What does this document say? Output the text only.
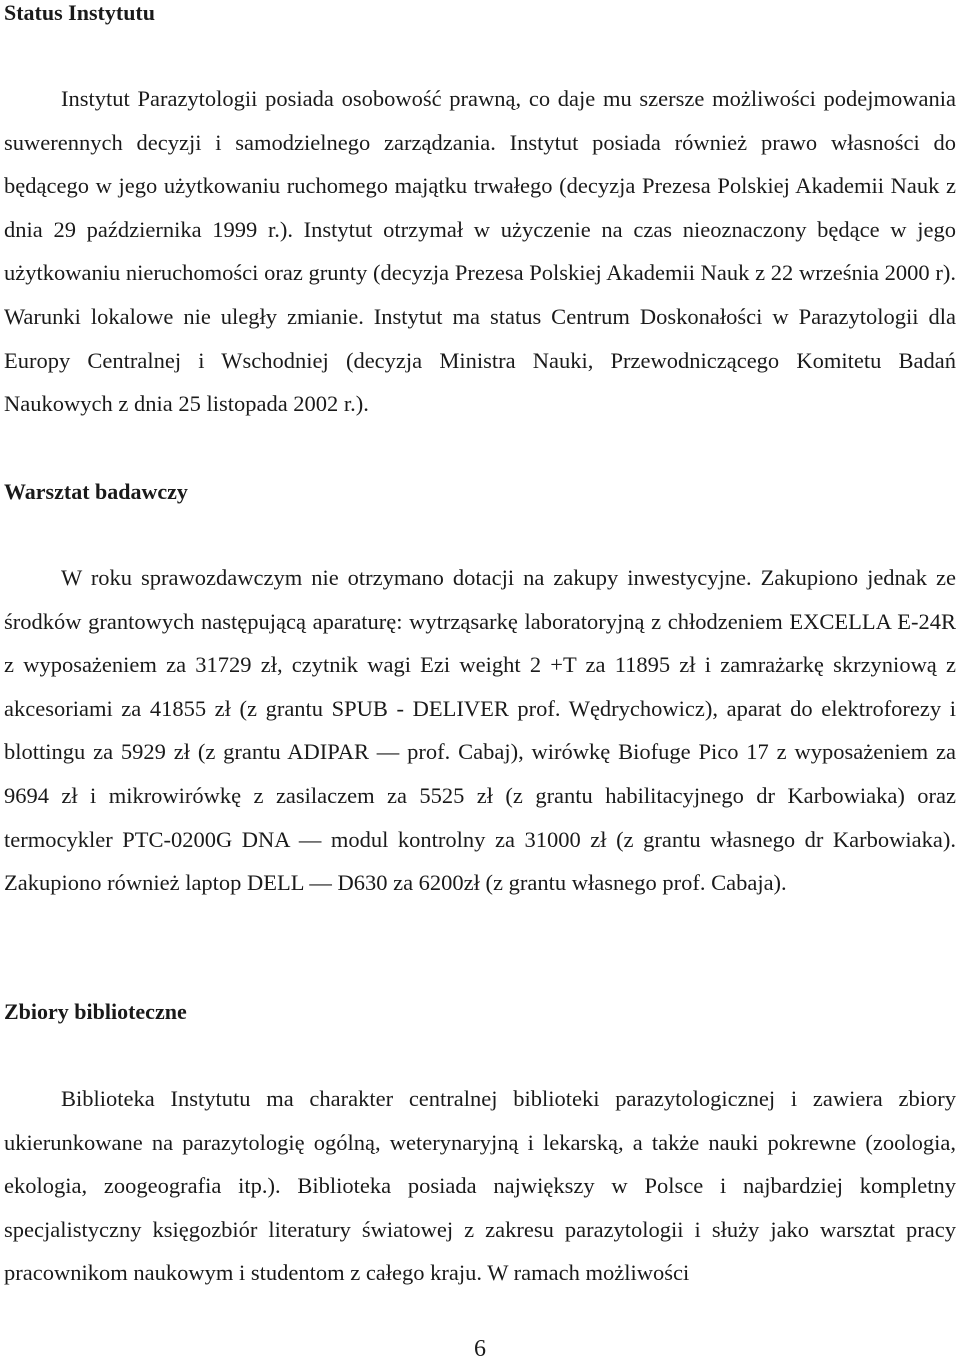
Status Instytutu

Instytut Parazytologii posiada osobowość prawną, co daje mu szersze możliwości podejmowania suwerennych decyzji i samodzielnego zarządzania. Instytut posiada również prawo własności do będącego w jego użytkowaniu ruchomego majątku trwałego (decyzja Prezesa Polskiej Akademii Nauk z dnia 29 października 1999 r.). Instytut otrzymał w użyczenie na czas nieoznaczony będące w jego użytkowaniu nieruchomości oraz grunty (decyzja Prezesa Polskiej Akademii Nauk z 22 września 2000 r). Warunki lokalowe nie uległy zmianie. Instytut ma status Centrum Doskonałości w Parazytologii dla Europy Centralnej i Wschodniej (decyzja Ministra Nauki, Przewodniczącego Komitetu Badań Naukowych z dnia 25 listopada 2002 r.).

Warsztat badawczy

W roku sprawozdawczym nie otrzymano dotacji na zakupy inwestycyjne. Zakupiono jednak ze środków grantowych następującą aparaturę: wytrząsarkę laboratoryjną z chłodzeniem EXCELLA E-24R z wyposażeniem za 31729 zł, czytnik wagi Ezi weight 2 +T za 11895 zł i zamrażarkę skrzyniową z akcesoriami za 41855 zł (z grantu SPUB - DELIVER prof. Wędrychowicz), aparat do elektroforezy i blottingu za 5929 zł (z grantu ADIPAR — prof. Cabaj), wirówkę Biofuge Pico 17 z wyposażeniem za 9694 zł i mikrowirówkę z zasilaczem za 5525 zł (z grantu habilitacyjnego dr Karbowiaka) oraz termocykler PTC-0200G DNA — modul kontrolny za 31000 zł (z grantu własnego dr Karbowiaka). Zakupiono również laptop DELL — D630 za 6200zł (z grantu własnego prof. Cabaja).

Zbiory biblioteczne

Biblioteka Instytutu ma charakter centralnej biblioteki parazytologicznej i zawiera zbiory ukierunkowane na parazytologię ogólną, weterynaryjną i lekarską, a także nauki pokrewne (zoologia, ekologia, zoogeografia itp.). Biblioteka posiada największy w Polsce i najbardziej kompletny specjalistyczny księgozbiór literatury światowej z zakresu parazytologii i służy jako warsztat pracy pracownikom naukowym i studentom z całego kraju. W ramach możliwości

6
